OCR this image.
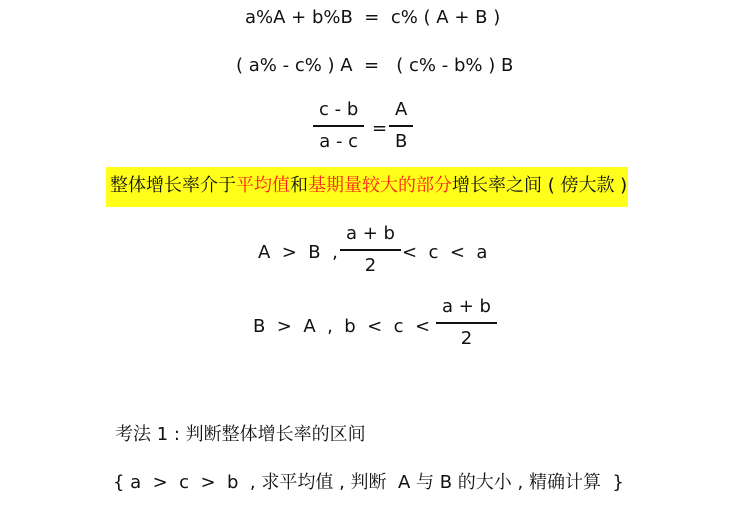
a%A + b%B  =  c% ( A + B )
( a% - c% ) A  =   ( c% - b% ) B
c - b
a - c
=
A
B
整体增长率介于平均值和基期量较大的部分增长率之间 ( 傍大款 )
A  >  B  ,
a + b
2
<  c  <  a
B  >  A  ,  b  <  c  <
a + b
2
考法 1 : 判断整体增长率的区间
{ a  >  c  >  b  , 求平均值 , 判断  A 与 B 的大小 , 精确计算  }
